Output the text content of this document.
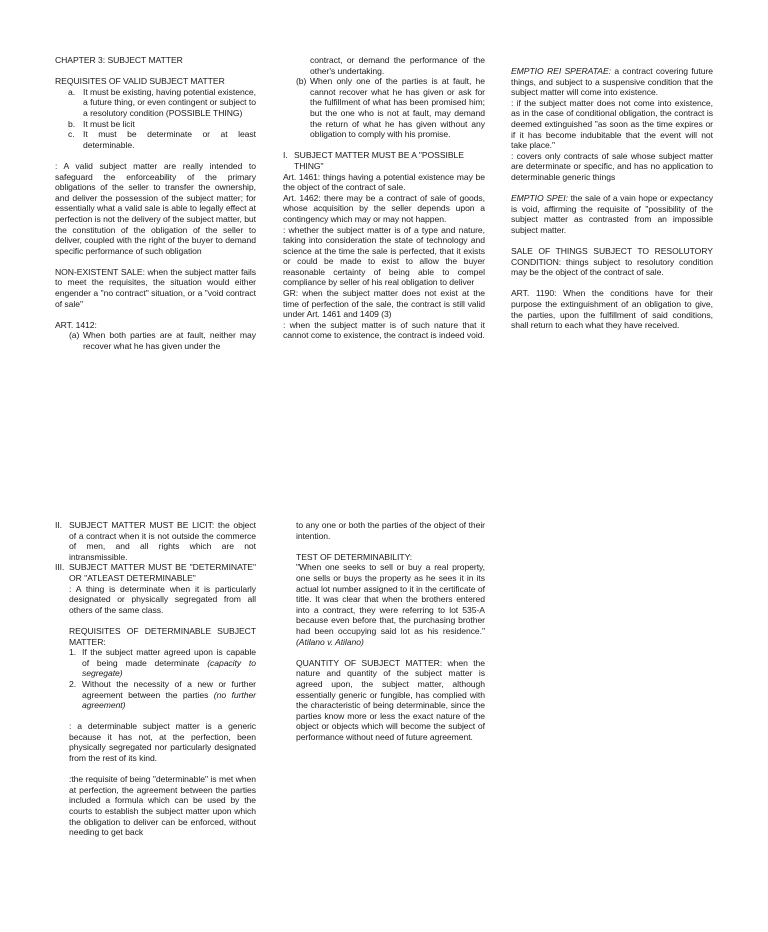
CHAPTER 3: SUBJECT MATTER

REQUISITES OF VALID SUBJECT MATTER

a. It must be existing, having potential existence, a future thing, or even contingent or subject to a resolutory condition (POSSIBLE THING)
b. It must be licit
c. It must be determinate or at least determinable.

: A valid subject matter are really intended to safeguard the enforceability of the primary obligations of the seller to transfer the ownership, and deliver the possession of the subject matter; for essentially what a valid sale is able to legally effect at perfection is not the delivery of the subject matter, but the constitution of the obligation of the seller to deliver, coupled with the right of the buyer to demand specific performance of such obligation

NON-EXISTENT SALE: when the subject matter fails to meet the requisites, the situation would either engender a "no contract" situation, or a "void contract of sale"

ART. 1412:

(a) When both parties are at fault, neither may recover what he has given under the

contract, or demand the performance of the other's undertaking.

(b) When only one of the parties is at fault, he cannot recover what he has given or ask for the fulfillment of what has been promised him; but the one who is not at fault, may demand the return of what he has given without any obligation to comply with his promise.
I. SUBJECT MATTER MUST BE A "POSSIBLE THING"

Art. 1461: things having a potential existence may be the object of the contract of sale.

Art. 1462: there may be a contract of sale of goods, whose acquisition by the seller depends upon a contingency which may or may not happen.

: whether the subject matter is of a type and nature, taking into consideration the state of technology and science at the time the sale is perfected, that it exists or could be made to exist to allow the buyer reasonable certainty of being able to compel compliance by seller of his real obligation to deliver

GR: when the subject matter does not exist at the time of perfection of the sale, the contract is still valid under Art. 1461 and 1409 (3)

: when the subject matter is of such nature that it cannot come to existence, the contract is indeed void.

EMPTIO REI SPERATAE: a contract covering future things, and subject to a suspensive condition that the subject matter will come into existence.

: if the subject matter does not come into existence, as in the case of conditional obligation, the contract is deemed extinguished "as soon as the time expires or if it has become indubitable that the event will not take place."

: covers only contracts of sale whose subject matter are determinate or specific, and has no application to determinable generic things

EMPTIO SPEI: the sale of a vain hope or expectancy is void, affirming the requisite of "possibility of the subject matter as contrasted from an impossible subject matter.

SALE OF THINGS SUBJECT TO RESOLUTORY CONDITION: things subject to resolutory condition may be the object of the contract of sale.

ART. 1190: When the conditions have for their purpose the extinguishment of an obligation to give, the parties, upon the fulfillment of said conditions, shall return to each what they have received.

II. SUBJECT MATTER MUST BE LICIT: the object of a contract when it is not outside the commerce of men, and all rights which are not intransmissible.
III. SUBJECT MATTER MUST BE "DETERMINATE" OR "ATLEAST DETERMINABLE"

: A thing is determinate when it is particularly designated or physically segregated from all others of the same class.

REQUISITES OF DETERMINABLE SUBJECT MATTER:

1. If the subject matter agreed upon is capable of being made determinate (capacity to segregate)
2. Without the necessity of a new or further agreement between the parties (no further agreement)

: a determinable subject matter is a generic because it has not, at the perfection, been physically segregated nor particularly designated from the rest of its kind.

:the requisite of being "determinable" is met when at perfection, the agreement between the parties included a formula which can be used by the courts to establish the subject matter upon which the obligation to deliver can be enforced, without needing to get back

to any one or both the parties of the object of their intention.

TEST OF DETERMINABILITY:

"When one seeks to sell or buy a real property, one sells or buys the property as he sees it in its actual lot number assigned to it in the certificate of title. It was clear that when the brothers entered into a contract, they were referring to lot 535-A because even before that, the purchasing brother had been occupying said lot as his residence." (Atilano v. Atilano)

QUANTITY OF SUBJECT MATTER: when the nature and quantity of the subject matter is agreed upon, the subject matter, although essentially generic or fungible, has complied with the characteristic of being determinable, since the parties know more or less the exact nature of the object or objects which will become the subject of performance without need of future agreement.
